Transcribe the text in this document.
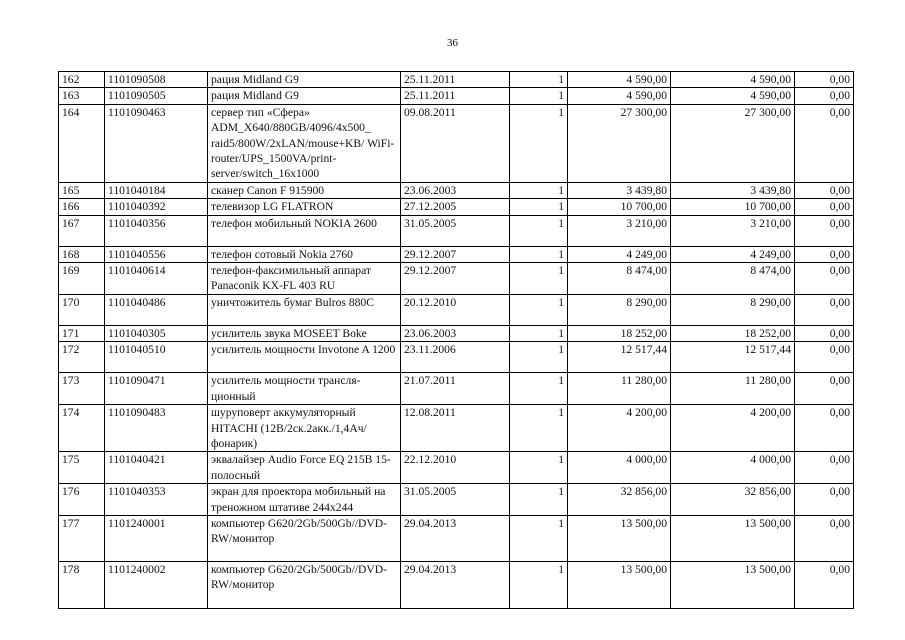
36
162	1101090508	рация Midland G9	25.11.2011	1	4 590,00	4 590,00	0,00
163	1101090505	рация Midland G9	25.11.2011	1	4 590,00	4 590,00	0,00
164	1101090463	сервер тип «Сфера» ADM_X640/880GB/4096/4x500_ raid5/800W/2xLAN/mouse+KB/ WiFi-router/UPS_1500VA/print-server/switch_16x1000	09.08.2011	1	27 300,00	27 300,00	0,00
165	1101040184	сканер Canon F 915900	23.06.2003	1	3 439,80	3 439,80	0,00
166	1101040392	телевизор LG FLATRON	27.12.2005	1	10 700,00	10 700,00	0,00
167	1101040356	телефон мобильный NOKIA 2600	31.05.2005	1	3 210,00	3 210,00	0,00
168	1101040556	телефон сотовый Nokia 2760	29.12.2007	1	4 249,00	4 249,00	0,00
169	1101040614	телефон-факсимильный аппарат Panaconik KX-FL 403 RU	29.12.2007	1	8 474,00	8 474,00	0,00
170	1101040486	уничтожитель бумаг Bulros 880C	20.12.2010	1	8 290,00	8 290,00	0,00
171	1101040305	усилитель звука MOSEET Boke	23.06.2003	1	18 252,00	18 252,00	0,00
172	1101040510	усилитель мощности Invotone A 1200	23.11.2006	1	12 517,44	12 517,44	0,00
173	1101090471	усилитель мощности трансля-ционный	21.07.2011	1	11 280,00	11 280,00	0,00
174	1101090483	шуруповерт аккумуляторный HITACHI (12В/2ск.2акк./1,4Ач/фонарик)	12.08.2011	1	4 200,00	4 200,00	0,00
175	1101040421	эквалайзер Audio Force EQ 215B 15-полосный	22.12.2010	1	4 000,00	4 000,00	0,00
176	1101040353	экран для проектора мобильный на треножном штативе 244х244	31.05.2005	1	32 856,00	32 856,00	0,00
177	1101240001	компьютер G620/2Gb/500Gb//DVD-RW/монитор	29.04.2013	1	13 500,00	13 500,00	0,00
178	1101240002	компьютер G620/2Gb/500Gb//DVD-RW/монитор	29.04.2013	1	13 500,00	13 500,00	0,00
